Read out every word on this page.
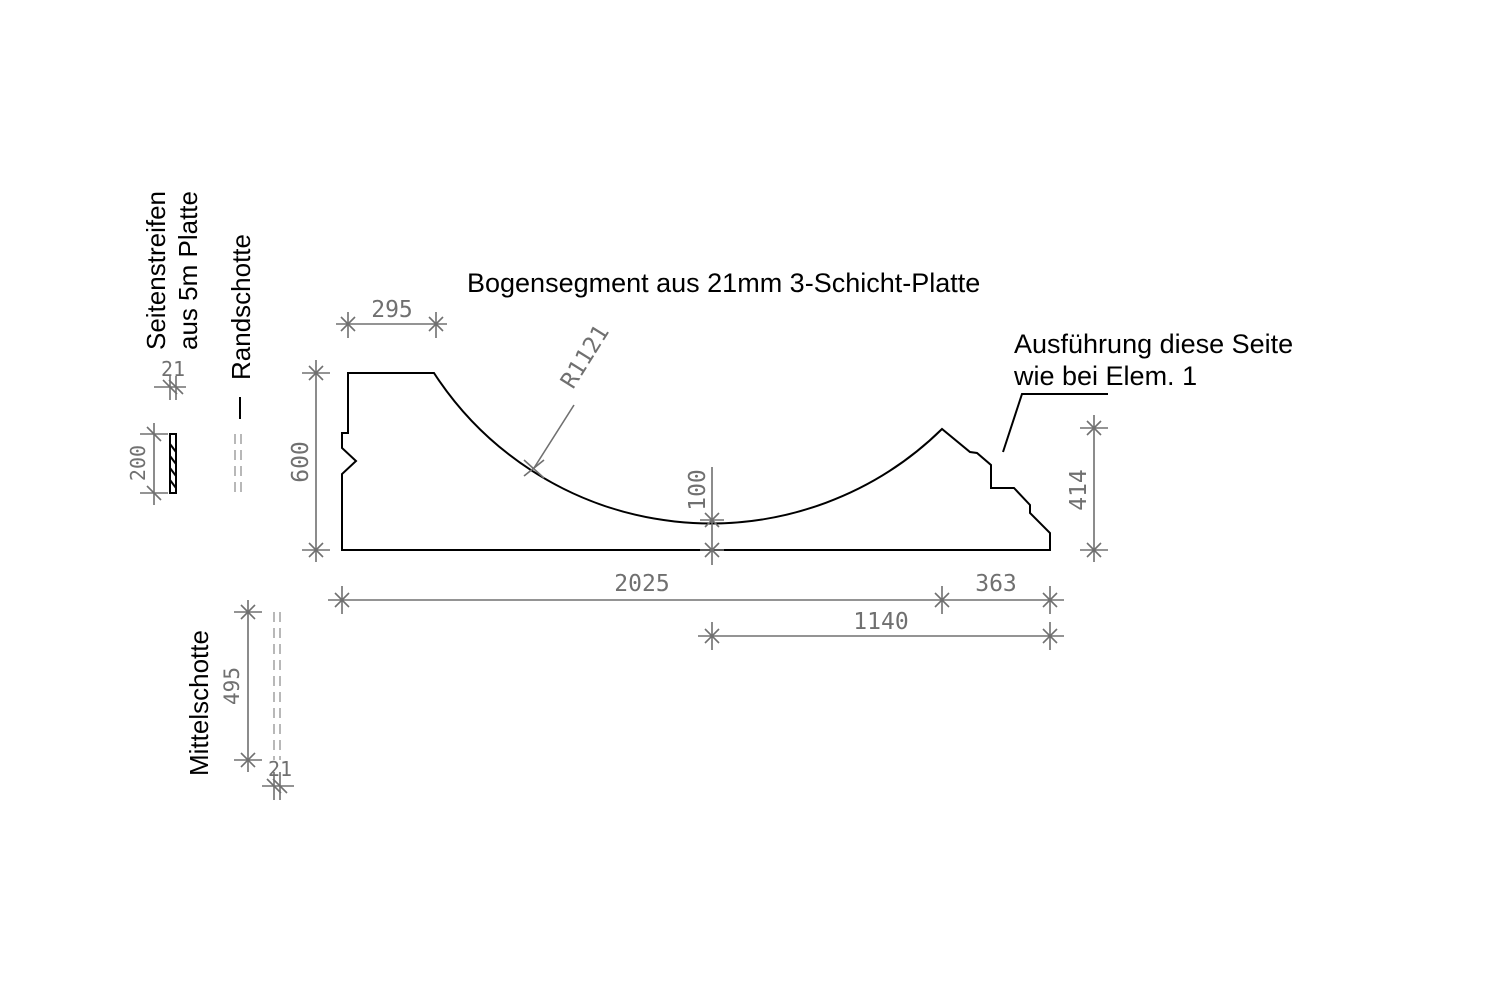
Bogensegment aus 21mm 3-Schicht-Platte
Seitenstreifen aus 5m Platte Randschotte
Mittelschotte
Ausführung diese Seite
wie bei Elem. 1
295
600
R1121
100	414
2025	363
1140
21
200
495
21
